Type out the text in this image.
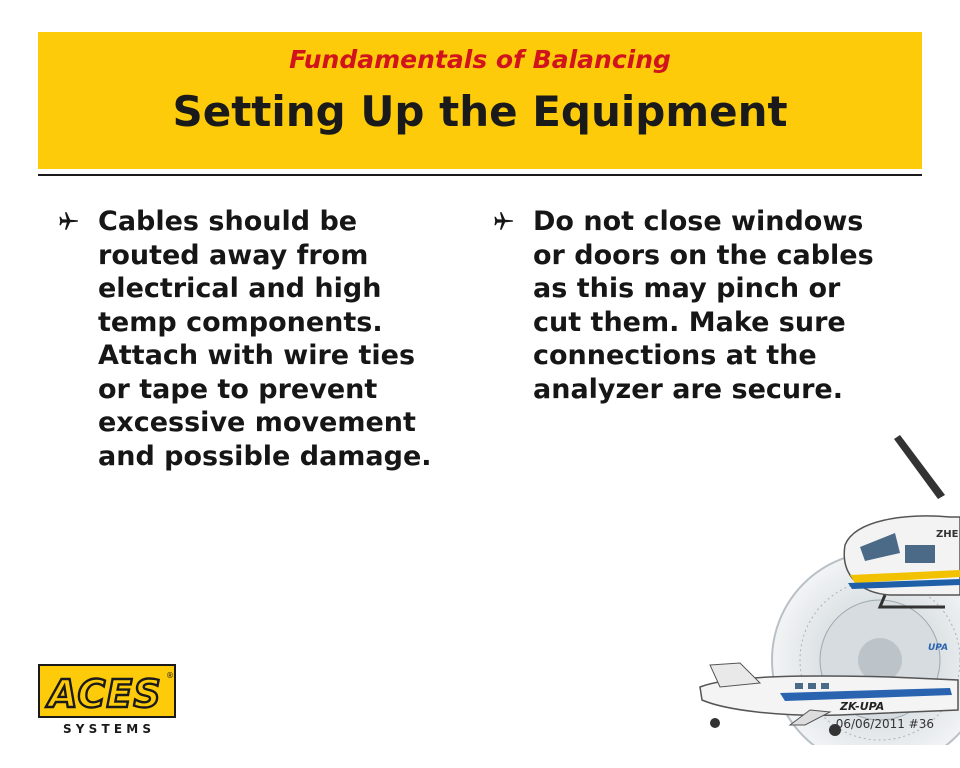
Fundamentals of Balancing
Setting Up the Equipment
Cables should be routed away from electrical and high temp components. Attach with wire ties or tape to prevent excessive movement and possible damage.
Do not close windows or doors on the cables as this may pinch or cut them. Make sure connections at the analyzer are secure.
ZHE
ZK-UPA
UPA
ACES ®
S Y S T E M S	06/06/2011 #36
